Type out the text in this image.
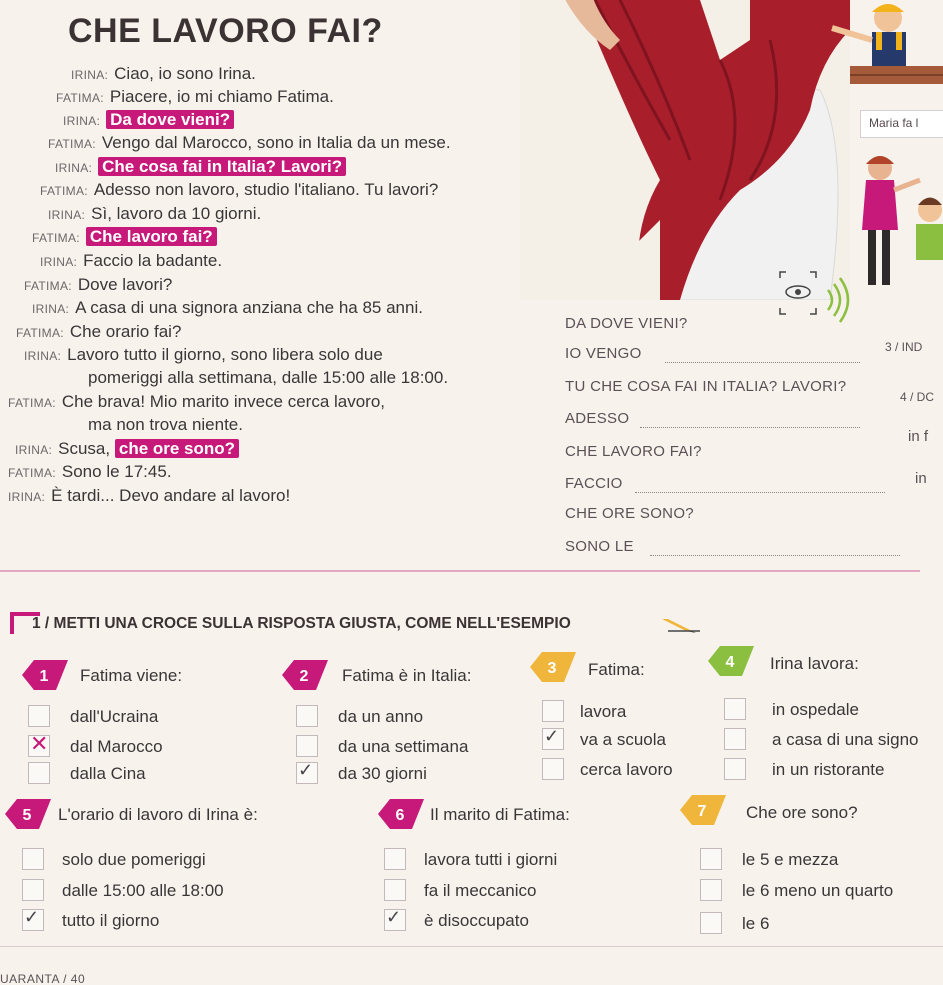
CHE LAVORO FAI?
IRINA: Ciao, io sono Irina.
FATIMA: Piacere, io mi chiamo Fatima.
IRINA: Da dove vieni?
FATIMA: Vengo dal Marocco, sono in Italia da un mese.
IRINA: Che cosa fai in Italia? Lavori?
FATIMA: Adesso non lavoro, studio l'italiano. Tu lavori?
IRINA: Sì, lavoro da 10 giorni.
FATIMA: Che lavoro fai?
IRINA: Faccio la badante.
FATIMA: Dove lavori?
IRINA: A casa di una signora anziana che ha 85 anni.
FATIMA: Che orario fai?
IRINA: Lavoro tutto il giorno, sono libera solo due
pomeriggi alla settimana, dalle 15:00 alle 18:00.
FATIMA: Che brava! Mio marito invece cerca lavoro,
ma non trova niente.
IRINA: Scusa, che ore sono?
FATIMA: Sono le 17:45.
IRINA: È tardi... Devo andare al lavoro!
DA DOVE VIENI?
IO VENGO
TU CHE COSA FAI IN ITALIA? LAVORI?
ADESSO
CHE LAVORO FAI?
FACCIO
CHE ORE SONO?
SONO LE
Maria fa l
3 / IND
4 / DC
in f
in
1 / METTI UNA CROCE SULLA RISPOSTA GIUSTA, COME NELL'ESEMPIO
1 Fatima viene:
dall'Ucraina
✕ dal Marocco
dalla Cina
2 Fatima è in Italia:
da un anno
da una settimana
✓ da 30 giorni
3 Fatima:
lavora
✓ va a scuola
cerca lavoro
4 Irina lavora:
in ospedale
a casa di una signo
in un ristorante
5 L'orario di lavoro di Irina è:
solo due pomeriggi
dalle 15:00 alle 18:00
✓ tutto il giorno
6 Il marito di Fatima:
lavora tutti i giorni
fa il meccanico
✓ è disoccupato
7 Che ore sono?
le 5 e mezza
le 6 meno un quarto
le 6
UARANTA / 40
